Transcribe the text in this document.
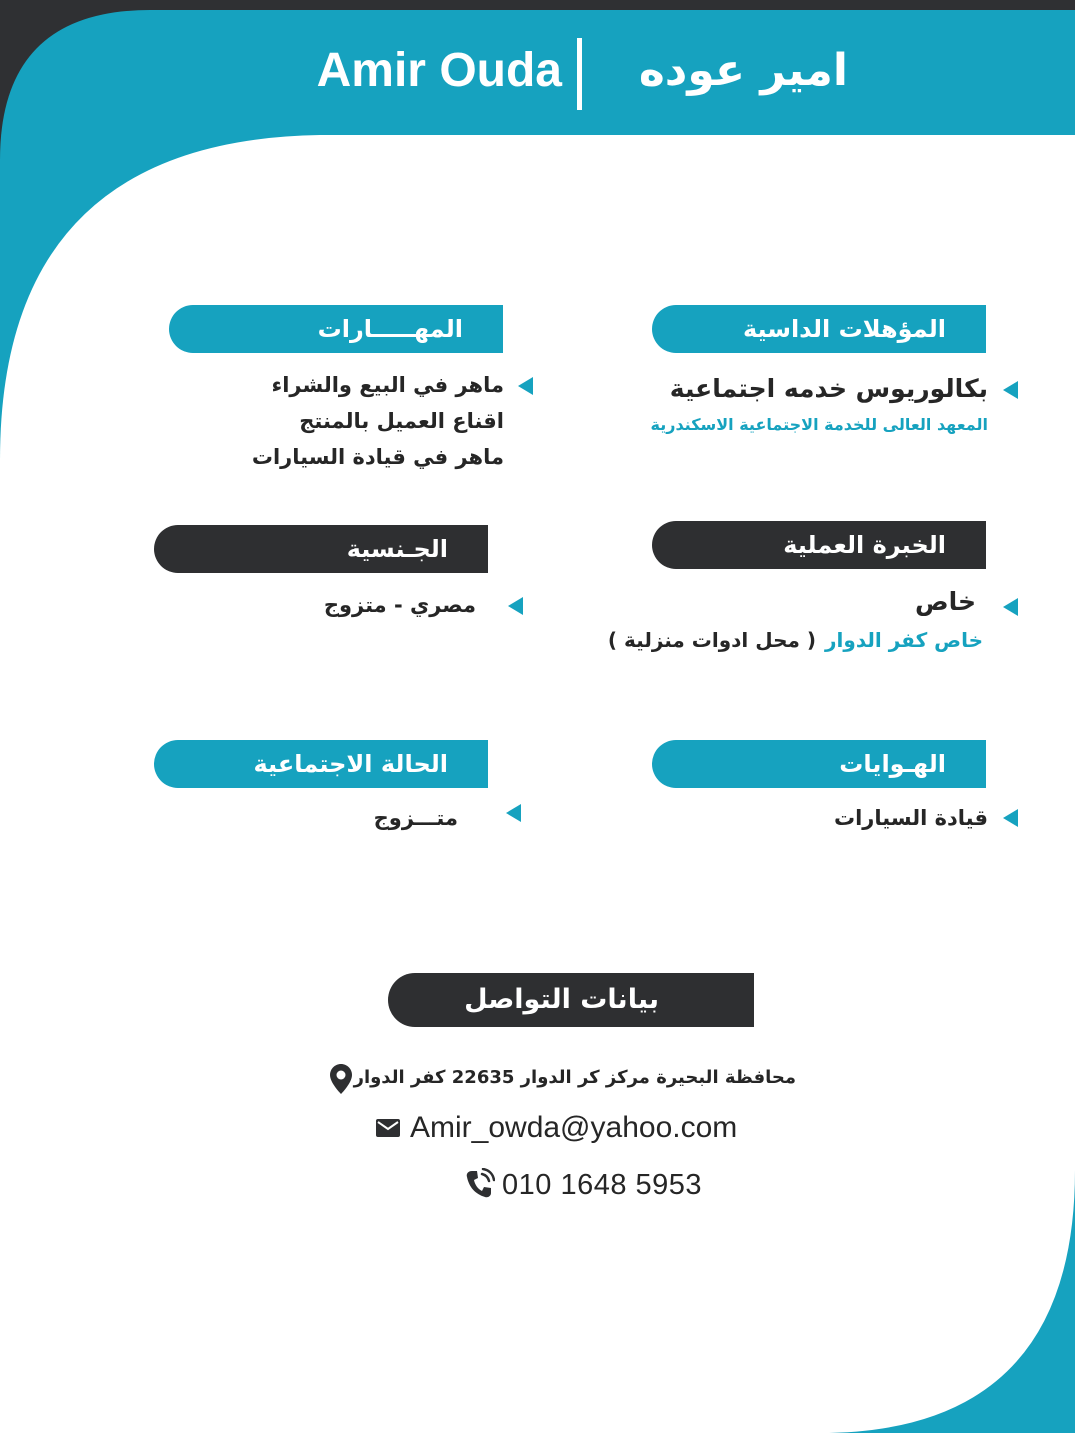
Amir Ouda	امير عوده
المؤهلات الداسية
بكالوريوس خدمه اجتماعية
المعهد العالى للخدمة الاجتماعية الاسكندرية
المهـــــارات
ماهر في البيع والشراء
اقناع العميل بالمنتج
ماهر في قيادة السيارات
الخبرة العملية
خاص
خاص كفر الدوار
( محل ادوات منزلية )
الجـنسية
مصري - متزوج
الهـوايات
قيادة السيارات
الحالة الاجتماعية
متـــزوج
بيانات التواصل
محافظة البحيرة مركز كر الدوار 22635 كفر الدوار
Amir_owda@yahoo.com
010 1648 5953
